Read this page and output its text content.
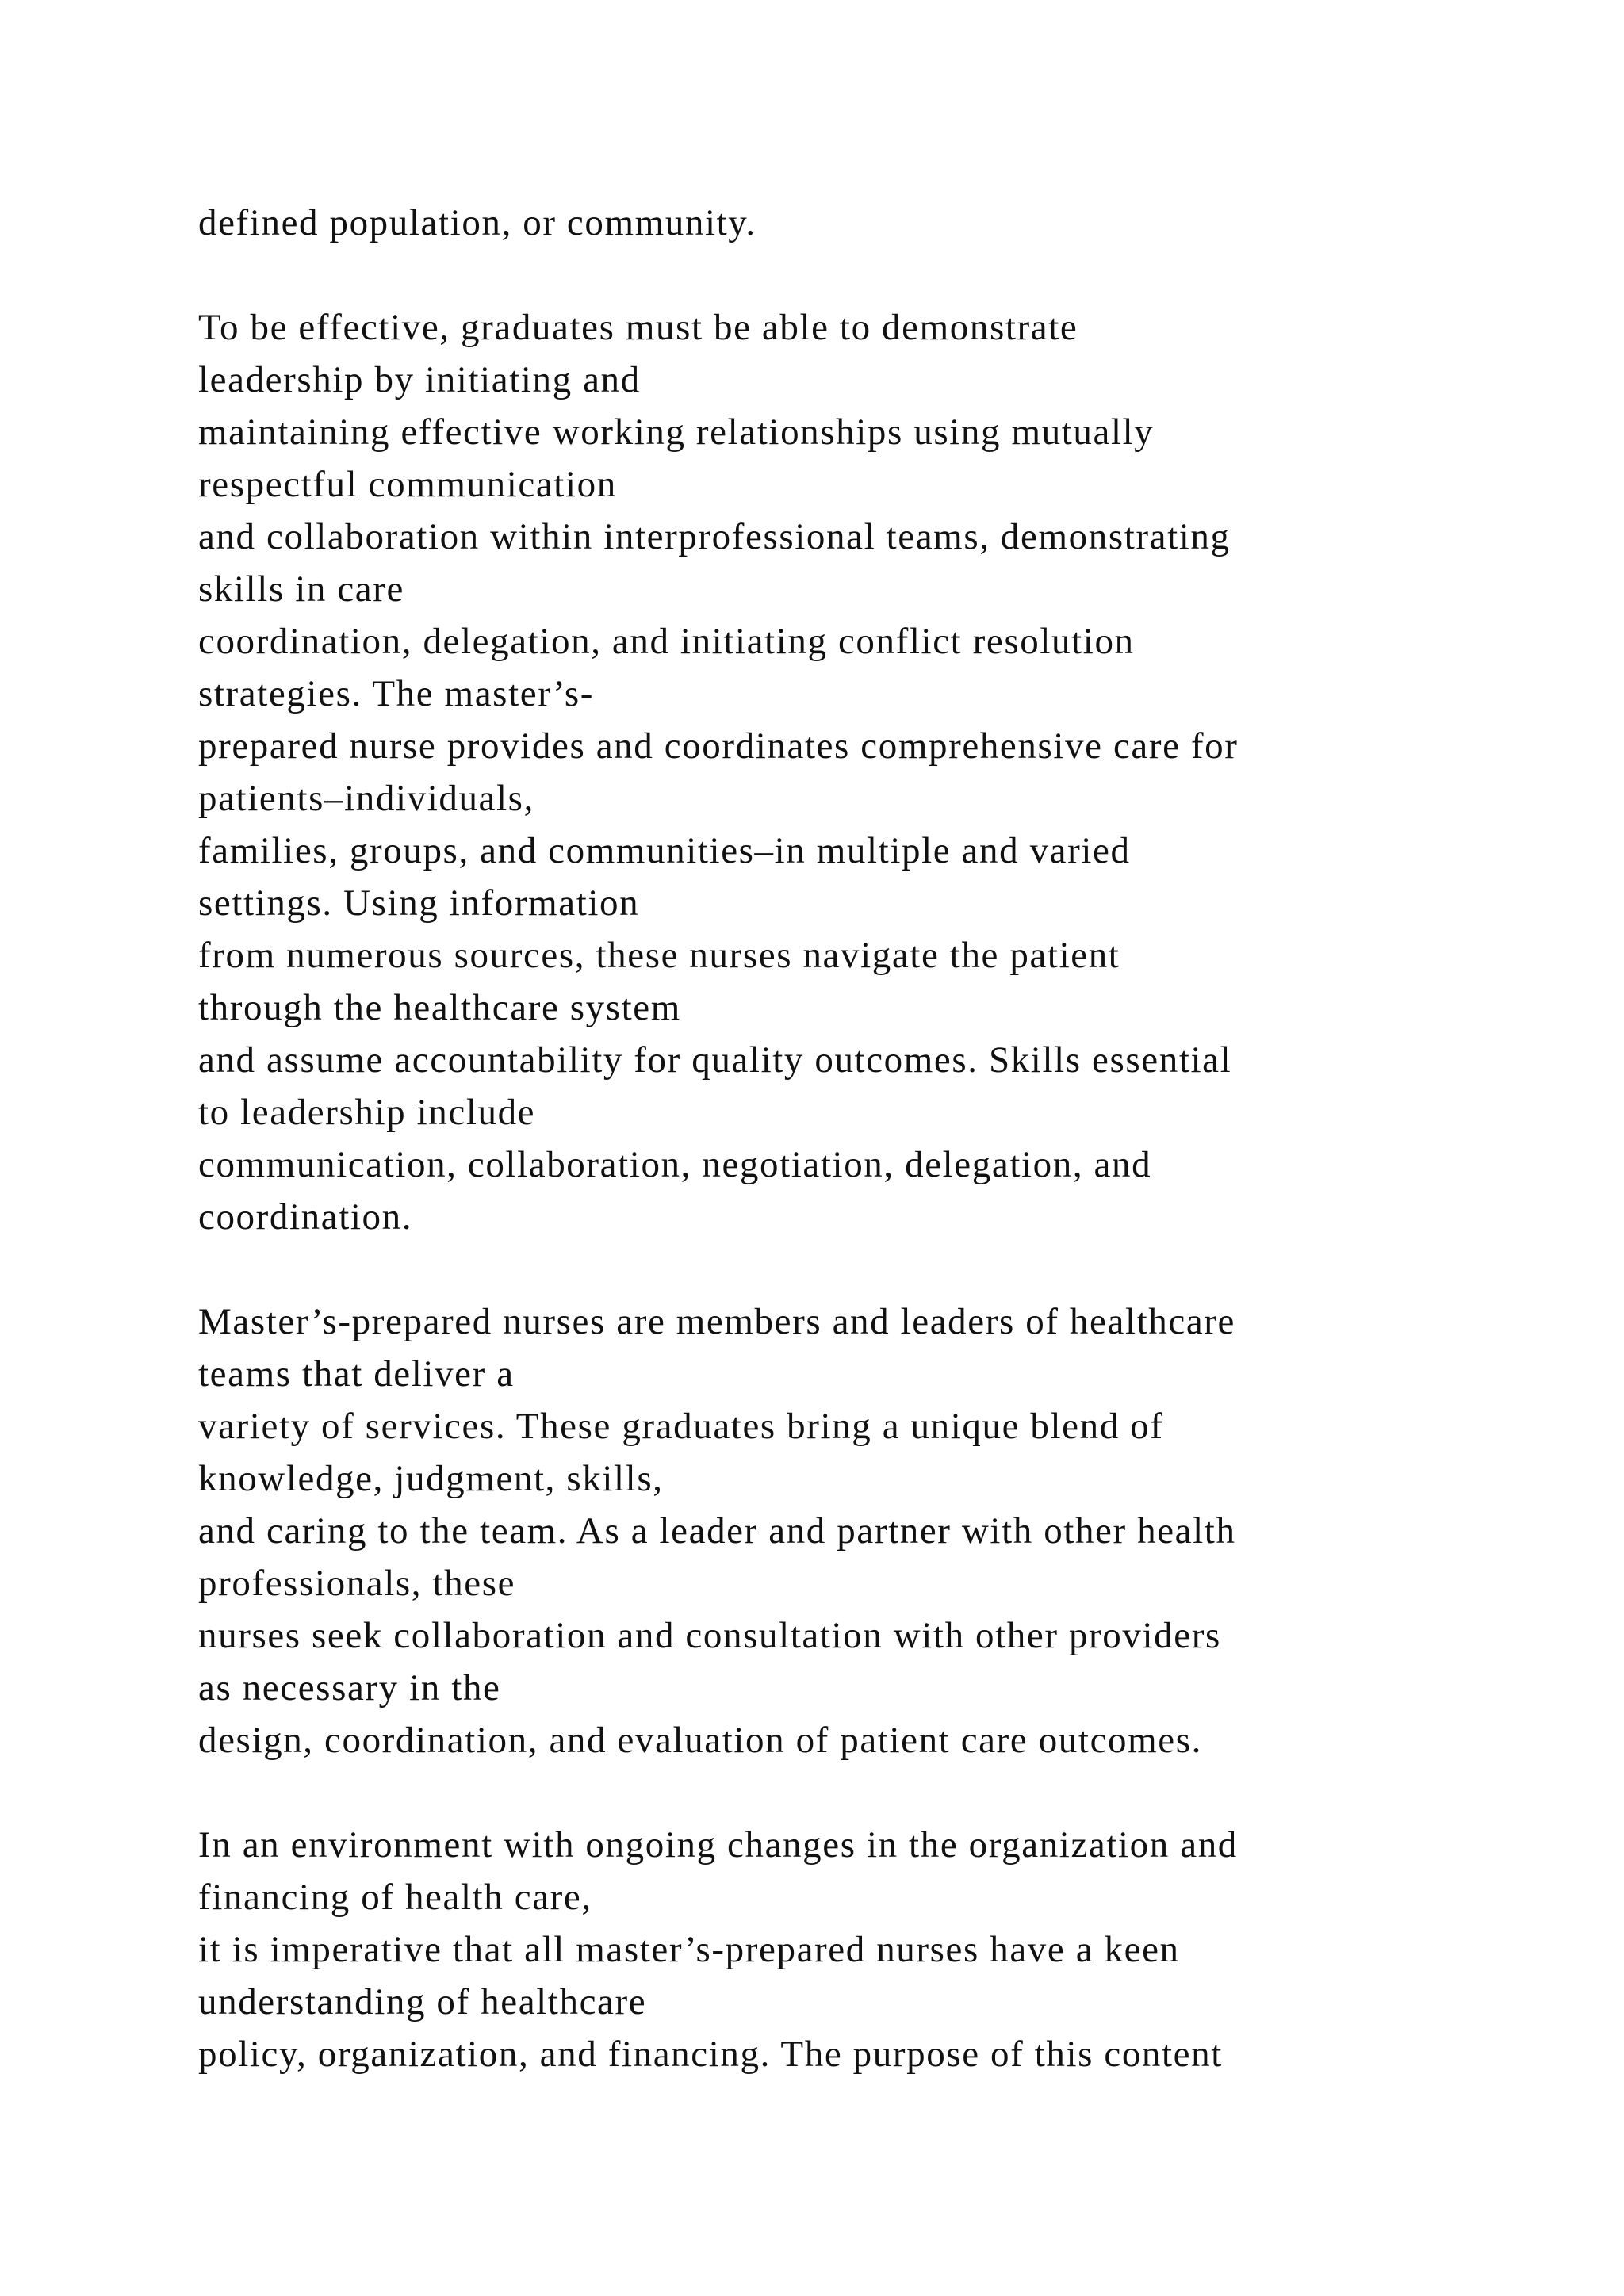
defined population, or community.
To be effective, graduates must be able to demonstrate
leadership by initiating and
maintaining effective working relationships using mutually
respectful communication
and collaboration within interprofessional teams, demonstrating
skills in care
coordination, delegation, and initiating conflict resolution
strategies. The master’s-
prepared nurse provides and coordinates comprehensive care for
patients–individuals,
families, groups, and communities–in multiple and varied
settings. Using information
from numerous sources, these nurses navigate the patient
through the healthcare system
and assume accountability for quality outcomes. Skills essential
to leadership include
communication, collaboration, negotiation, delegation, and
coordination.
Master’s-prepared nurses are members and leaders of healthcare
teams that deliver a
variety of services. These graduates bring a unique blend of
knowledge, judgment, skills,
and caring to the team. As a leader and partner with other health
professionals, these
nurses seek collaboration and consultation with other providers
as necessary in the
design, coordination, and evaluation of patient care outcomes.
In an environment with ongoing changes in the organization and
financing of health care,
it is imperative that all master’s-prepared nurses have a keen
understanding of healthcare
policy, organization, and financing. The purpose of this content
